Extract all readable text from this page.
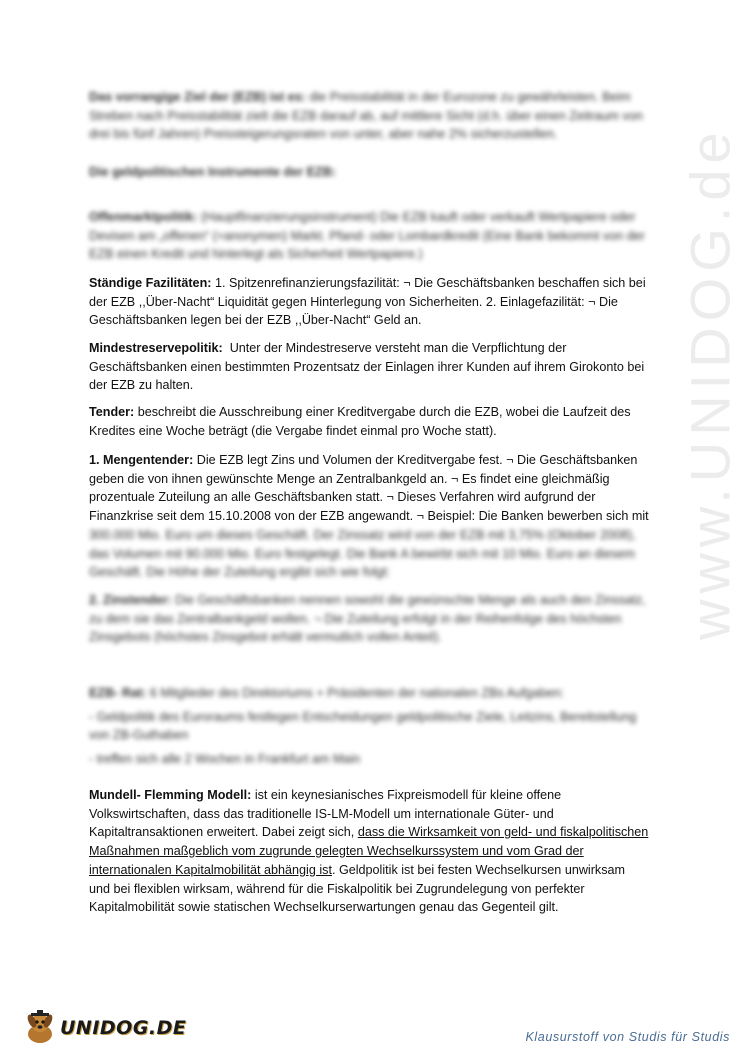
www.UNIDOG.de
Das vorrangige Ziel der (EZB) ist es: die Preisstabilität in der Eurozone zu gewährleisten. Beim Streben nach Preisstabilität zielt die EZB darauf ab, auf mittlere Sicht (d.h. über einen Zeitraum von drei bis fünf Jahren) Preissteigerungsraten von unter, aber nahe 2% sicherzustellen.
Die geldpolitischen Instrumente der EZB:
Offenmarktpolitik: (Hauptfinanzierungsinstrument) Die EZB kauft oder verkauft Wertpapiere oder Devisen am „offenen“ (=anonymen) Markt. Pfand- oder Lombardkredit (Eine Bank bekommt von der EZB einen Kredit und hinterlegt als Sicherheit Wertpapiere.)
Ständige Fazilitäten: 1. Spitzenrefinanzierungsfazilität: ¬ Die Geschäftsbanken beschaffen sich bei
der EZB ,,Über-Nacht“ Liquidität gegen Hinterlegung von Sicherheiten. 2. Einlagefazilität: ¬ Die
Geschäftsbanken legen bei der EZB ,,Über-Nacht“ Geld an.
Mindestreservepolitik: Unter der Mindestreserve versteht man die Verpflichtung der
Geschäftsbanken einen bestimmten Prozentsatz der Einlagen ihrer Kunden auf ihrem Girokonto bei
der EZB zu halten.
Tender: beschreibt die Ausschreibung einer Kreditvergabe durch die EZB, wobei die Laufzeit des
Kredites eine Woche beträgt (die Vergabe findet einmal pro Woche statt).
1. Mengentender: Die EZB legt Zins und Volumen der Kreditvergabe fest. ¬ Die Geschäftsbanken
geben die von ihnen gewünschte Menge an Zentralbankgeld an. ¬ Es findet eine gleichmäßig
prozentuale Zuteilung an alle Geschäftsbanken statt. ¬ Dieses Verfahren wird aufgrund der
Finanzkrise seit dem 15.10.2008 von der EZB angewandt. ¬ Beispiel: Die Banken bewerben sich mit
300.000 Mio. Euro um dieses Geschäft. Der Zinssatz wird von der EZB mit 3,75% (Oktober 2008), das Volumen mit 90.000 Mio. Euro festgelegt. Die Bank A bewirbt sich mit 10 Mio. Euro an diesem Geschäft. Die Höhe der Zuteilung ergibt sich wie folgt:
2. Zinstender: Die Geschäftsbanken nennen sowohl die gewünschte Menge als auch den Zinssatz, zu dem sie das Zentralbankgeld wollen. ¬ Die Zuteilung erfolgt in der Reihenfolge des höchsten Zinsgebots (höchstes Zinsgebot erhält vermutlich vollen Anteil).
EZB- Rat: 6 Mitglieder des Direktoriums + Präsidenten der nationalen ZBs Aufgaben:
- Geldpolitik des Euroraums festlegen Entscheidungen geldpolitische Ziele, Leitzins, Bereitstellung von ZB-Guthaben
- treffen sich alle 2 Wochen in Frankfurt am Main
Mundell- Flemming Modell: ist ein keynesianisches Fixpreismodell für kleine offene
Volkswirtschaften, dass das traditionelle IS-LM-Modell um internationale Güter- und
Kapitaltransaktionen erweitert. Dabei zeigt sich, dass die Wirksamkeit von geld- und fiskalpolitischen
Maßnahmen maßgeblich vom zugrunde gelegten Wechselkurssystem und vom Grad der
internationalen Kapitalmobilität abhängig ist. Geldpolitik ist bei festen Wechselkursen unwirksam
und bei flexiblen wirksam, während für die Fiskalpolitik bei Zugrundelegung von perfekter
Kapitalmobilität sowie statischen Wechselkurserwartungen genau das Gegenteil gilt.
UNIDOG.DE	Klausurstoff von Studis für Studis
